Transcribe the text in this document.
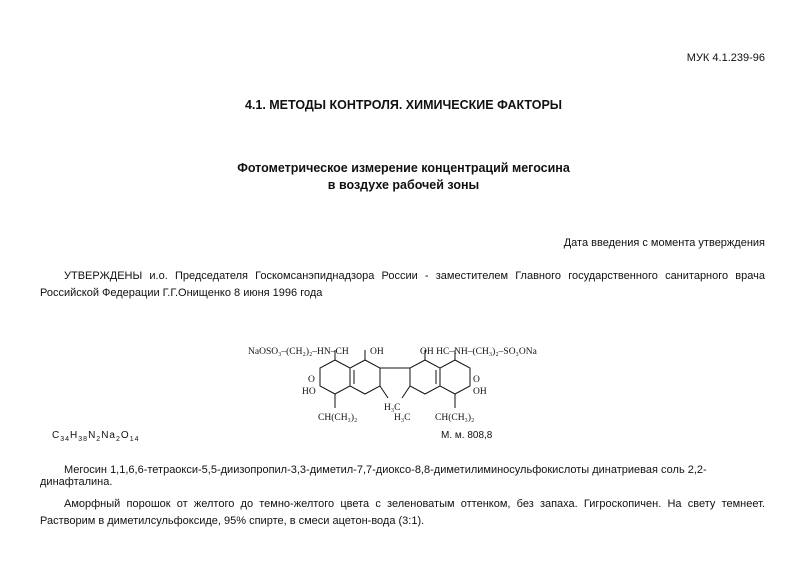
МУК 4.1.239-96
4.1. МЕТОДЫ КОНТРОЛЯ. ХИМИЧЕСКИЕ ФАКТОРЫ
Фотометрическое измерение концентраций мегосина
в воздухе рабочей зоны
Дата введения с момента утверждения
УТВЕРЖДЕНЫ и.о. Председателя Госкомсанэпиднадзора России - заместителем Главного государственного санитарного врача Российской Федерации Г.Г.Онищенко 8 июня 1996 года
NaOSO₃–(CH₂)₂–HN–CH OH	OH HC–NH–(CH₃)₂–SO₃ONa
O
HO
O
OH
H₃C
H₃C
CH(CH₃)₂	CH(CH₃)₂
$C_{34}H_{38}N_2Na_2O_{14}$	М. м. 808,8
Мегосин 1,1,6,6-тетраокси-5,5-диизопропил-3,3-диметил-7,7-диоксо-8,8-диметилиминосульфокислоты динатриевая соль 2,2-динафталина.
Аморфный порошок от желтого до темно-желтого цвета с зеленоватым оттенком, без запаха. Гигроскопичен. На свету темнеет. Растворим в диметилсульфоксиде, 95% спирте, в смеси ацетон-вода (3:1).
